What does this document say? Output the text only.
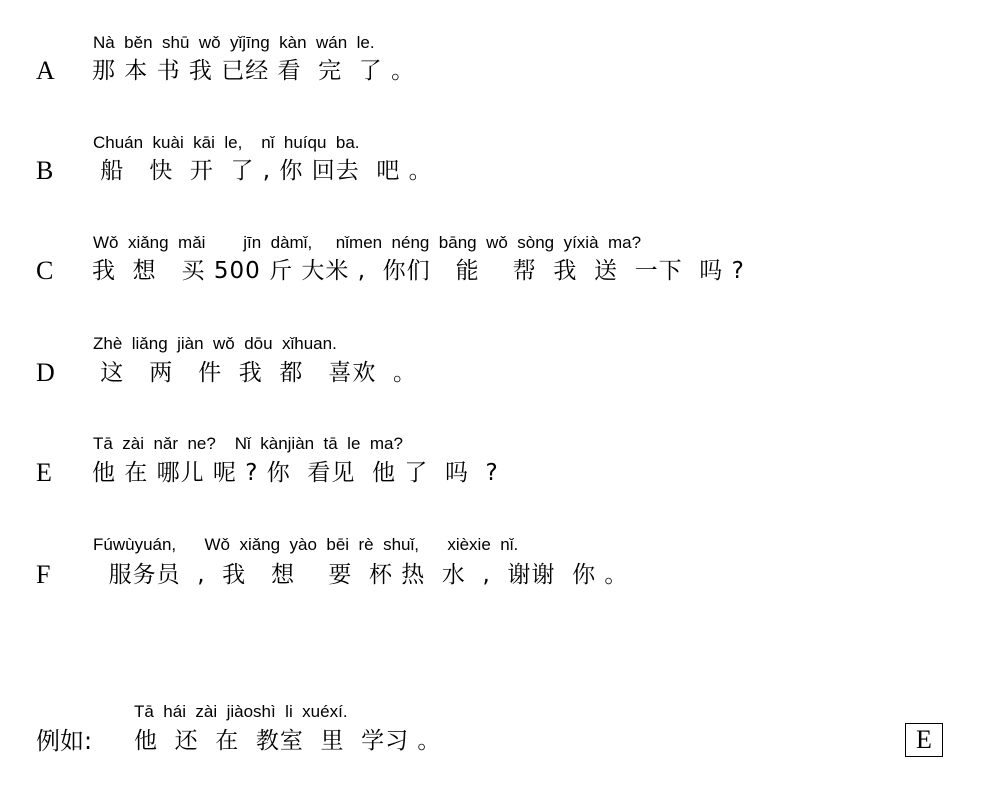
Nà  běn  shū  wǒ  yǐjīng  kàn  wán  le.
A 那 本 书 我 已经 看  完  了 。
Chuán  kuài  kāi  le,    nǐ  huíqu  ba.
B 船   快  开  了 , 你 回去  吧 。
Wǒ  xiǎng  mǎi        jīn  dàmǐ,     nǐmen  néng  bāng  wǒ  sòng  yíxià  ma?
C 我  想   买 500 斤 大米 ,  你们   能    帮  我  送  一下  吗 ?
Zhè  liǎng  jiàn  wǒ  dōu  xǐhuan.
D 这   两   件  我  都   喜欢  。
Tā  zài  nǎr  ne?    Nǐ  kànjiàn  tā  le  ma?
E 他 在 哪儿 呢 ? 你  看见  他 了  吗  ?
Fúwùyuán,      Wǒ  xiǎng  yào  bēi  rè  shuǐ,      xièxie  nǐ.
F 服务员  ,  我   想    要  杯 热  水  ,  谢谢  你 。
Tā  hái  zài  jiàoshì  li  xuéxí.
例如: 他  还  在  教室  里  学习 。	E
